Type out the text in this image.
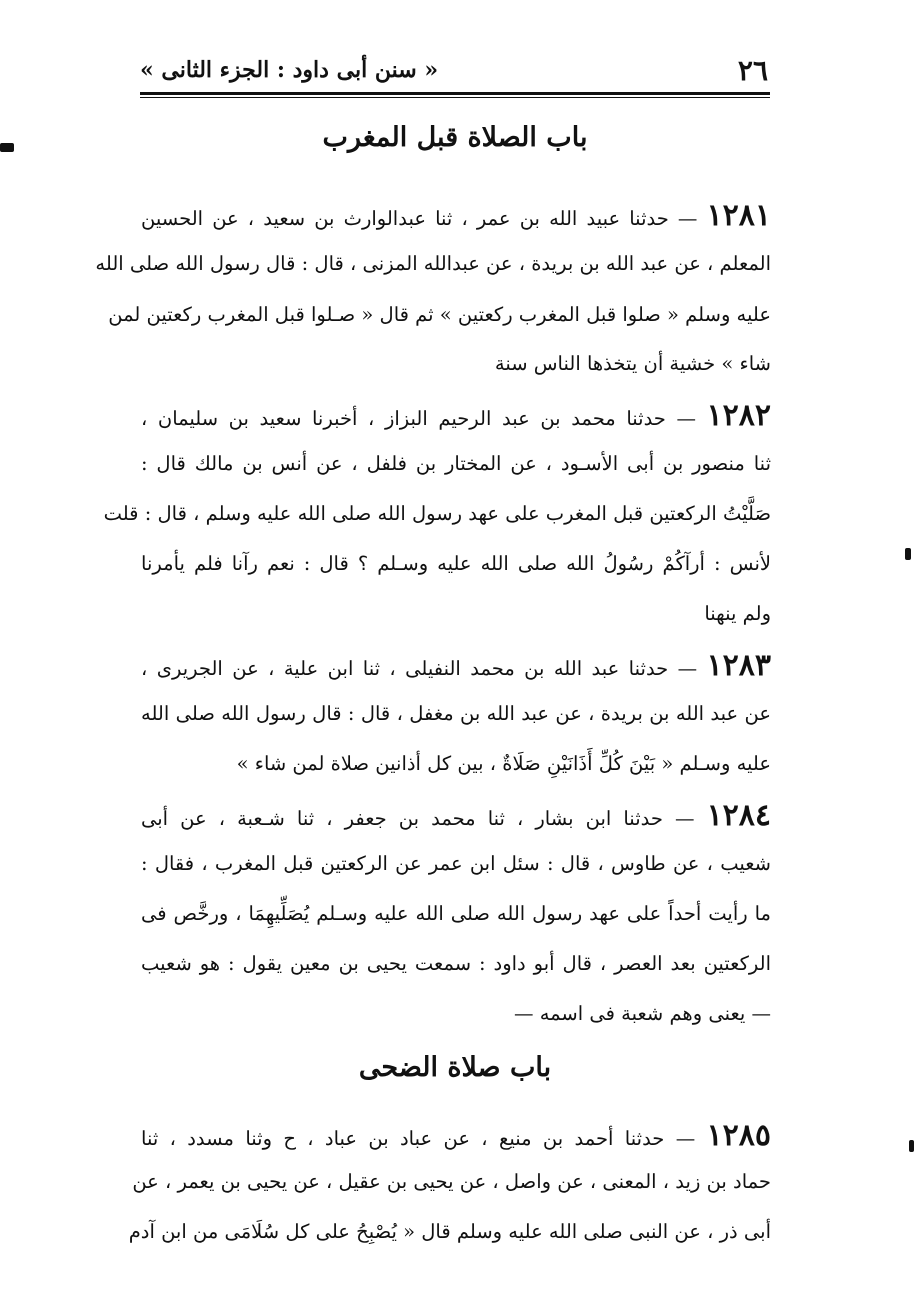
٢٦
« سنن أبى داود : الجزء الثانى »
باب الصلاة قبل المغرب
١٢٨١ — حدثنا عبيد الله بن عمر ، ثنا عبدالوارث بن سعيد ، عن الحسين
المعلم ، عن عبد الله بن بريدة ، عن عبدالله المزنى ، قال : قال رسول الله صلى الله
عليه وسلم « صلوا قبل المغرب ركعتين » ثم قال « صـلوا قبل المغرب ركعتين لمن
شاء » خشية أن يتخذها الناس سنة
١٢٨٢ — حدثنا محمد بن عبد الرحيم البزاز ، أخبرنا سعيد بن سليمان ،
ثنا منصور بن أبى الأسـود ، عن المختار بن فلفل ، عن أنس بن مالك قال :
صَلَّيْتُ الركعتين قبل المغرب على عهد رسول الله صلى الله عليه وسلم ، قال : قلت
لأنس : أرآكُمْ رسُولُ الله صلى الله عليه وسـلم ؟ قال : نعم رآنا فلم يأمرنا
ولم ينهنا
١٢٨٣ — حدثنا عبد الله بن محمد النفيلى ، ثنا ابن علية ، عن الجريرى ،
عن عبد الله بن بريدة ، عن عبد الله بن مغفل ، قال : قال رسول الله صلى الله
عليه وسـلم « بَيْنَ كُلِّ أَذَانَيْنِ صَلَاةٌ ، بين كل أذانين صلاة لمن شاء »
١٢٨٤ — حدثنا ابن بشار ، ثنا محمد بن جعفر ، ثنا شـعبة ، عن أبى
شعيب ، عن طاوس ، قال : سئل ابن عمر عن الركعتين قبل المغرب ، فقال :
ما رأيت أحداً على عهد رسول الله صلى الله عليه وسـلم يُصَلِّيهِمَا ، ورخَّص فى
الركعتين بعد العصر ، قال أبو داود : سمعت يحيى بن معين يقول : هو شعيب
— يعنى وهم شعبة فى اسمه —
باب صلاة الضحى
١٢٨٥ — حدثنا أحمد بن منيع ، عن عباد بن عباد ، ح وثنا مسدد ، ثنا
حماد بن زيد ، المعنى ، عن واصل ، عن يحيى بن عقيل ، عن يحيى بن يعمر ، عن
أبى ذر ، عن النبى صلى الله عليه وسلم قال « يُصْبِحُ على كل سُلَامَى من ابن آدم
